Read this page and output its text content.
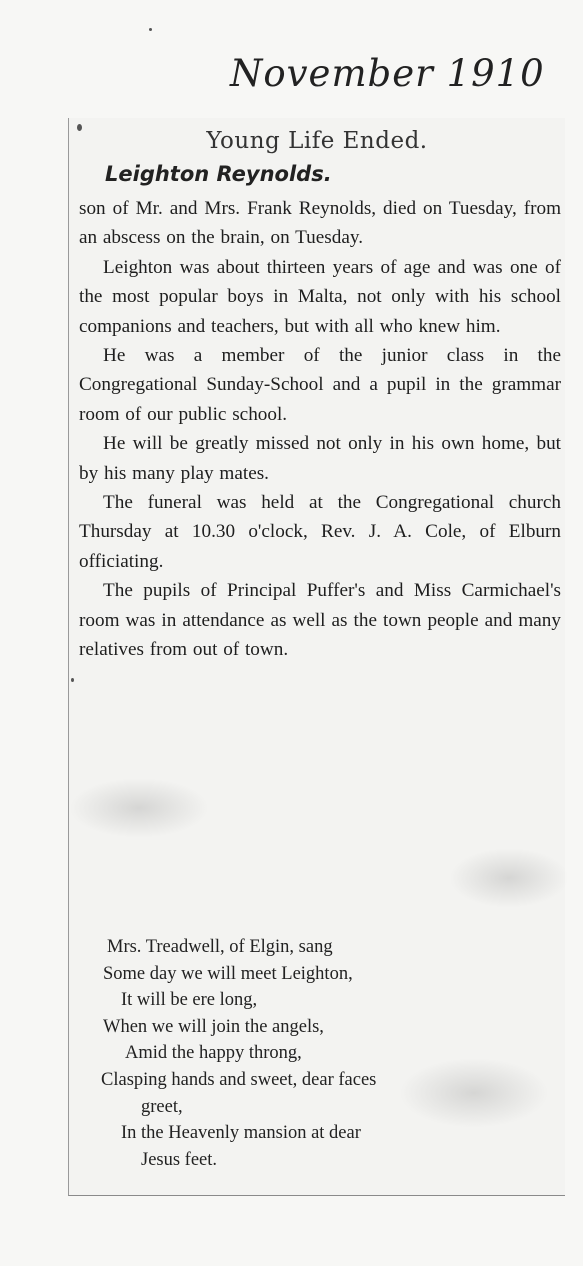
November 1910
Young Life Ended.
Leighton Reynolds.

son of Mr. and Mrs. Frank Reynolds, died on Tuesday, from an abscess on the brain, on Tuesday.

Leighton was about thirteen years of age and was one of the most popular boys in Malta, not only with his school companions and teachers, but with all who knew him.

He was a member of the junior class in the Congregational Sunday-School and a pupil in the grammar room of our public school.

He will be greatly missed not only in his own home, but by his many play mates.

The funeral was held at the Congregational church Thursday at 10.30 o'clock, Rev. J. A. Cole, of Elburn officiating.

The pupils of Principal Puffer's and Miss Carmichael's room was in attendance as well as the town people and many relatives from out of town.

Mrs. Treadwell, of Elgin, sang
Some day we will meet Leighton,
It will be ere long,
When we will join the angels,
Amid the happy throng,
Clasping hands and sweet, dear faces
greet,
In the Heavenly mansion at dear
Jesus feet.
